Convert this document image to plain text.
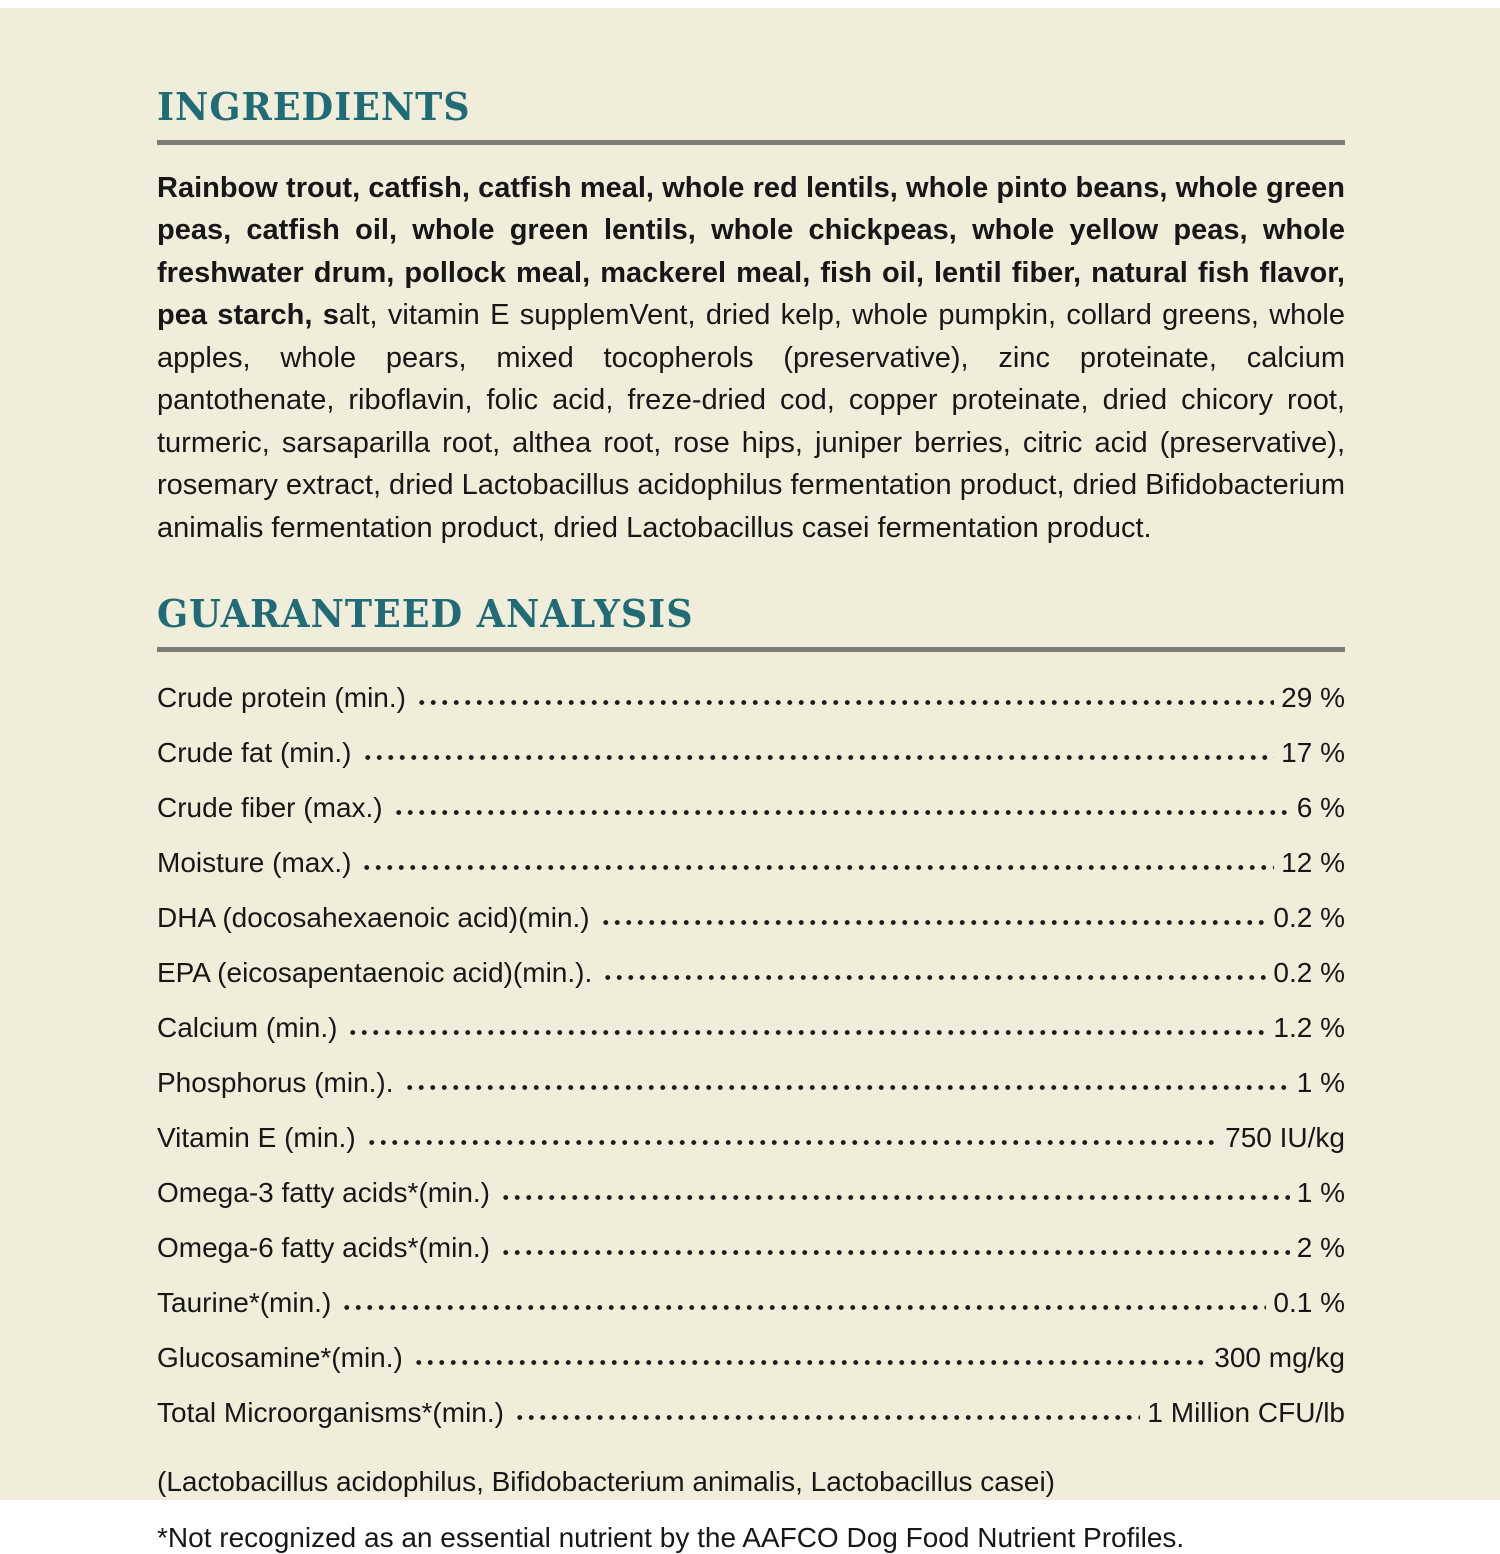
INGREDIENTS

Rainbow trout, catfish, catfish meal, whole red lentils, whole pinto beans, whole green peas, catfish oil, whole green lentils, whole chickpeas, whole yellow peas, whole freshwater drum, pollock meal, mackerel meal, fish oil, lentil fiber, natural fish flavor, pea starch, salt, vitamin E supplemVent, dried kelp, whole pumpkin, collard greens, whole apples, whole pears, mixed tocopherols (preservative), zinc proteinate, calcium pantothenate, riboflavin, folic acid, freze-dried cod, copper proteinate, dried chicory root, turmeric, sarsaparilla root, althea root, rose hips, juniper berries, citric acid (preservative), rosemary extract, dried Lactobacillus acidophilus fermentation product, dried Bifidobacterium animalis fermentation product, dried Lactobacillus casei fermentation product.

GUARANTEED ANALYSIS
Crude protein (min.)	29 %
Crude fat (min.)	17 %
Crude fiber (max.)	6 %
Moisture (max.)	12 %
DHA (docosahexaenoic acid)(min.)	0.2 %
EPA (eicosapentaenoic acid)(min.).	0.2 %
Calcium (min.)	1.2 %
Phosphorus (min.).	1 %
Vitamin E (min.)	750 IU/kg
Omega-3 fatty acids*(min.)	1 %
Omega-6 fatty acids*(min.)	2 %
Taurine*(min.)	0.1 %
Glucosamine*(min.)	300 mg/kg
Total Microorganisms*(min.)	1 Million CFU/lb

(Lactobacillus acidophilus, Bifidobacterium animalis, Lactobacillus casei)

*Not recognized as an essential nutrient by the AAFCO Dog Food Nutrient Profiles.
